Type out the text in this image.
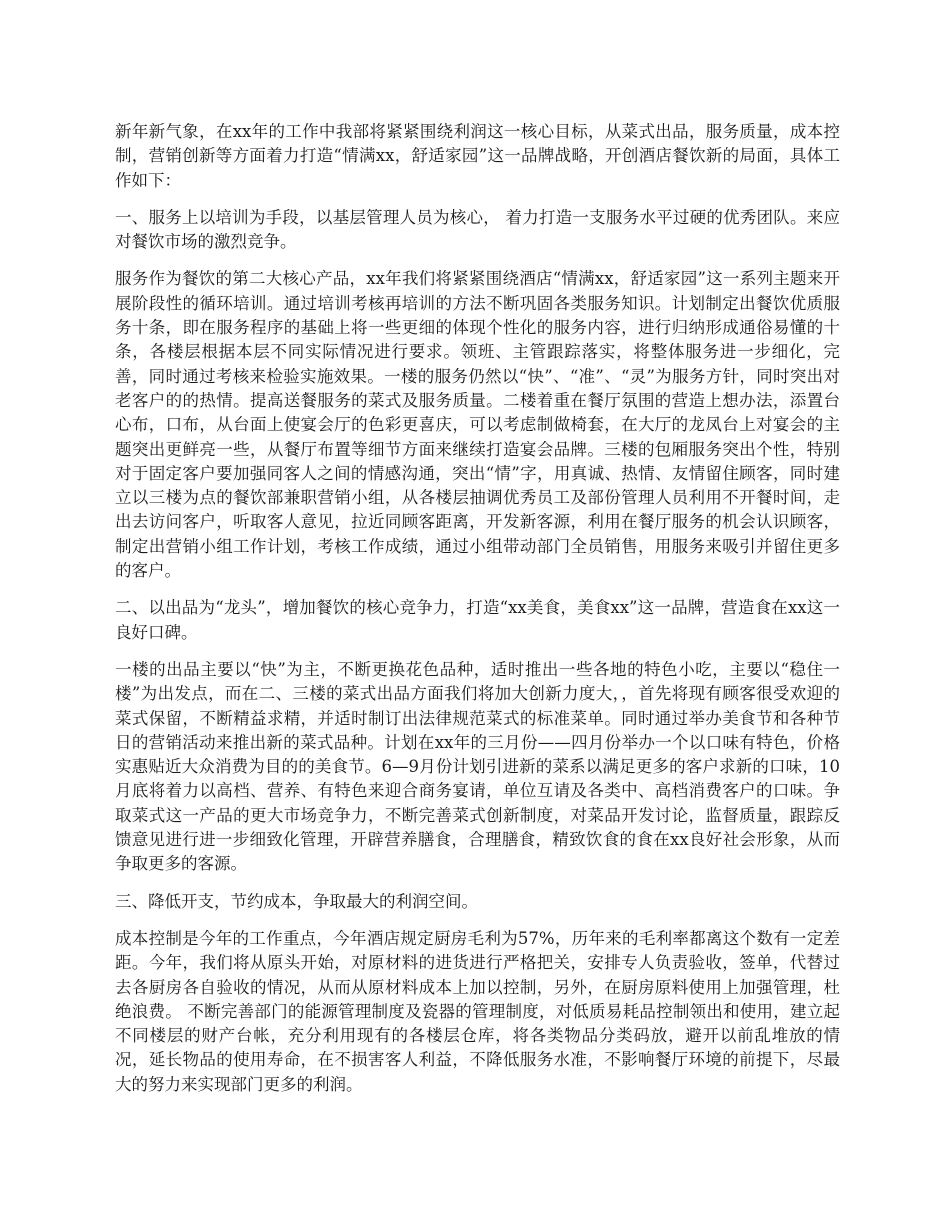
新年新气象，在xx年的工作中我部将紧紧围绕利润这一核心目标，从菜式出品，服务质量，成本控制，营销创新等方面着力打造“情满xx，舒适家园”这一品牌战略，开创酒店餐饮新的局面，具体工作如下：

一、服务上以培训为手段，以基层管理人员为核心， 着力打造一支服务水平过硬的优秀团队。来应对餐饮市场的激烈竞争。

服务作为餐饮的第二大核心产品，xx年我们将紧紧围绕酒店“情满xx，舒适家园”这一系列主题来开展阶段性的循环培训。通过培训考核再培训的方法不断巩固各类服务知识。计划制定出餐饮优质服务十条，即在服务程序的基础上将一些更细的体现个性化的服务内容，进行归纳形成通俗易懂的十条，各楼层根据本层不同实际情况进行要求。领班、主管跟踪落实，将整体服务进一步细化，完善，同时通过考核来检验实施效果。一楼的服务仍然以“快”、“准”、“灵”为服务方针，同时突出对老客户的的热情。提高送餐服务的菜式及服务质量。二楼着重在餐厅氛围的营造上想办法，添置台心布，口布，从台面上使宴会厅的色彩更喜庆，可以考虑制做椅套，在大厅的龙凤台上对宴会的主题突出更鲜亮一些，从餐厅布置等细节方面来继续打造宴会品牌。三楼的包厢服务突出个性，特别对于固定客户要加强同客人之间的情感沟通，突出“情”字，用真诚、热情、友情留住顾客，同时建立以三楼为点的餐饮部兼职营销小组，从各楼层抽调优秀员工及部份管理人员利用不开餐时间，走出去访问客户，听取客人意见，拉近同顾客距离，开发新客源，利用在餐厅服务的机会认识顾客，制定出营销小组工作计划，考核工作成绩，通过小组带动部门全员销售，用服务来吸引并留住更多的客户。

二、以出品为“龙头”，增加餐饮的核心竞争力，打造“xx美食，美食xx”这一品牌，营造食在xx这一良好口碑。

一楼的出品主要以“快”为主，不断更换花色品种，适时推出一些各地的特色小吃，主要以“稳住一楼”为出发点，而在二、三楼的菜式出品方面我们将加大创新力度大，，首先将现有顾客很受欢迎的菜式保留，不断精益求精，并适时制订出法律规范菜式的标准菜单。同时通过举办美食节和各种节日的营销活动来推出新的菜式品种。计划在xx年的三月份——四月份举办一个以口味有特色，价格实惠贴近大众消费为目的的美食节。6—9月份计划引进新的菜系以满足更多的客户求新的口味，10月底将着力以高档、营养、有特色来迎合商务宴请，单位互请及各类中、高档消费客户的口味。争取菜式这一产品的更大市场竞争力，不断完善菜式创新制度，对菜品开发讨论，监督质量，跟踪反馈意见进行进一步细致化管理，开辟营养膳食，合理膳食，精致饮食的食在xx良好社会形象，从而争取更多的客源。

三、降低开支，节约成本，争取最大的利润空间。

成本控制是今年的工作重点，今年酒店规定厨房毛利为57%，历年来的毛利率都离这个数有一定差距。今年，我们将从原头开始，对原材料的进货进行严格把关，安排专人负责验收，签单，代替过去各厨房各自验收的情况，从而从原材料成本上加以控制，另外，在厨房原料使用上加强管理，杜绝浪费。 不断完善部门的能源管理制度及瓷器的管理制度，对低质易耗品控制领出和使用，建立起不同楼层的财产台帐，充分利用现有的各楼层仓库，将各类物品分类码放，避开以前乱堆放的情况，延长物品的使用寿命，在不损害客人利益，不降低服务水准，不影响餐厅环境的前提下，尽最大的努力来实现部门更多的利润。
